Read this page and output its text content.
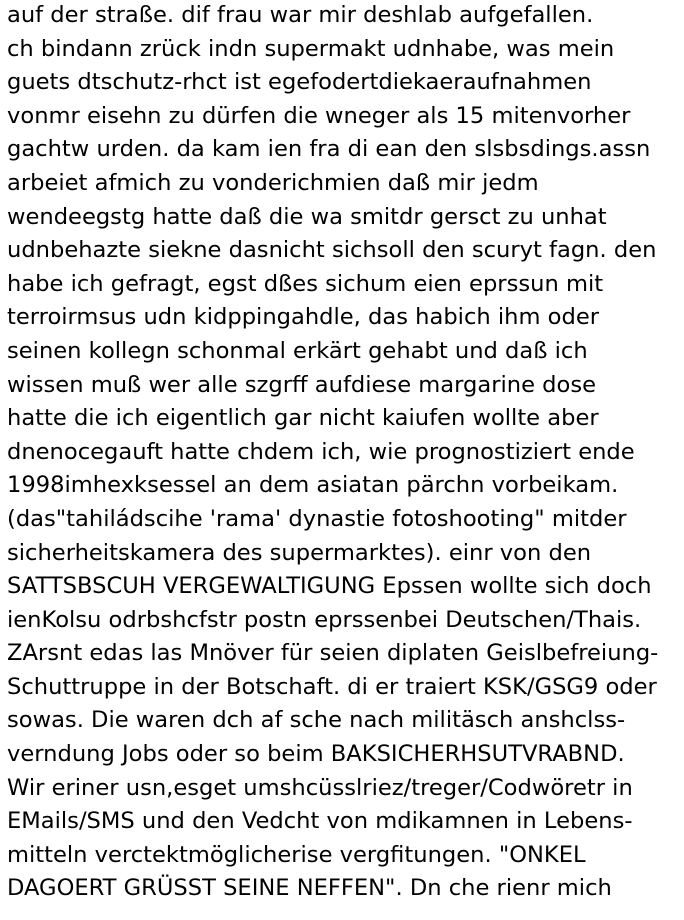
auf der straße. dif frau war mir deshlab aufgefallen.
ch bindann zrück indn supermakt udnhabe, was mein
guets dtschutz-rhct ist egefodertdiekaeraufnahmen
vonmr eisehn zu dürfen die wneger als 15 mitenvorher
gachtw urden. da kam ien fra di ean den slsbsdings.assn
arbeiet afmich zu vonderichmien daß mir jedm
wendeegstg hatte daß die wa smitdr gersct zu unhat
udnbehazte siekne dasnicht sichsoll den scuryt fagn. den
habe ich gefragt, egst dßes sichum eien eprssun mit
terroirmsus udn kidppingahdle, das habich ihm oder
seinen kollegn schonmal erkärt gehabt und daß ich
wissen muß wer alle szgrff aufdiese margarine dose
hatte die ich eigentlich gar nicht kaiufen wollte aber
dnenocegauft hatte chdem ich, wie prognostiziert ende
1998imhexksessel an dem asiatan pärchn vorbeikam.
(das"tahiládscihe 'rama' dynastie fotoshooting" mitder
sicherheitskamera des supermarktes). einr von den
SATTSBSCUH VERGEWALTIGUNG Epssen wollte sich doch
ienKolsu odrbshcfstr postn eprssenbei Deutschen/Thais.
ZArsnt edas las Mnöver für seien diplaten Geislbefreiung-
Schuttruppe in der Botschaft. di er traiert KSK/GSG9 oder
sowas. Die waren dch af sche nach militäsch anshclss-
verndung Jobs oder so beim BAKSICHERHSUTVRABND.
Wir eriner usn,esget umshcüsslriez/treger/Codwöretr in
EMails/SMS und den Vedcht von mdikamnen in Lebens-
mitteln verctektmöglicherise vergfitungen. "ONKEL
DAGOERT GRÜSST SEINE NEFFEN". Dn che rienr mich
